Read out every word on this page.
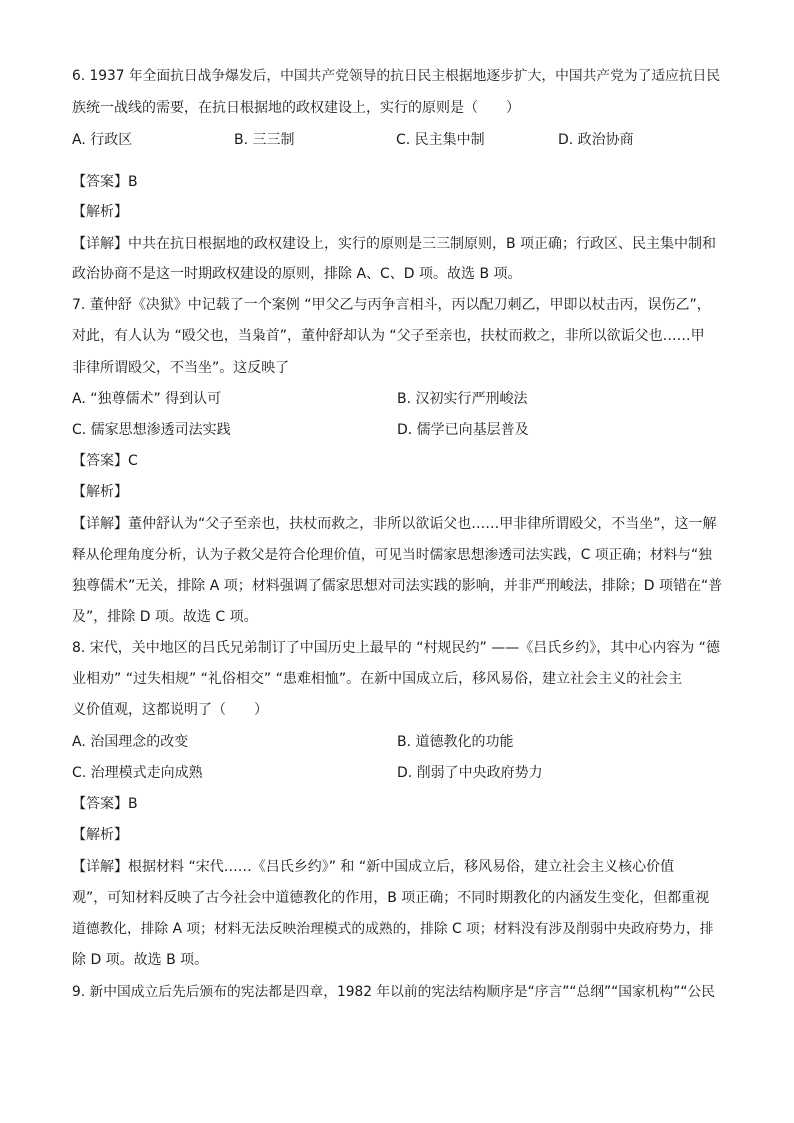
6. 1937 年全面抗日战争爆发后，中国共产党领导的抗日民主根据地逐步扩大，中国共产党为了适应抗日民
族统一战线的需要，在抗日根据地的政权建设上，实行的原则是（　　）
A. 行政区	B. 三三制	C. 民主集中制	D. 政治协商
【答案】B
【解析】
【详解】中共在抗日根据地的政权建设上，实行的原则是三三制原则，B 项正确；行政区、民主集中制和
政治协商不是这一时期政权建设的原则，排除 A、C、D 项。故选 B 项。
7. 董仲舒《决狱》中记载了一个案例 “甲父乙与丙争言相斗，丙以配刀刺乙，甲即以杖击丙，误伤乙”，
对此，有人认为 “殴父也，当枭首”，董仲舒却认为 “父子至亲也，扶杖而救之，非所以欲诟父也……甲
非律所谓殴父，不当坐”。这反映了
A. “独尊儒术” 得到认可	B. 汉初实行严刑峻法
C. 儒家思想渗透司法实践	D. 儒学已向基层普及
【答案】C
【解析】
【详解】董仲舒认为“父子至亲也，扶杖而救之，非所以欲诟父也……甲非律所谓殴父，不当坐”，这一解
释从伦理角度分析，认为子救父是符合伦理价值，可见当时儒家思想渗透司法实践，C 项正确；材料与“独
独尊儒术”无关，排除 A 项；材料强调了儒家思想对司法实践的影响，并非严刑峻法，排除；D 项错在“普
及”，排除 D 项。故选 C 项。
8. 宋代，关中地区的吕氏兄弟制订了中国历史上最早的 “村规民约” ——《吕氏乡约》，其中心内容为 “德
业相劝” “过失相规” “礼俗相交” “患难相恤”。在新中国成立后，移风易俗，建立社会主义的社会主
义价值观，这都说明了（　　）
A. 治国理念的改变	B. 道德教化的功能
C. 治理模式走向成熟	D. 削弱了中央政府势力
【答案】B
【解析】
【详解】根据材料 “宋代……《吕氏乡约》” 和 “新中国成立后，移风易俗，建立社会主义核心价值
观”，可知材料反映了古今社会中道德教化的作用，B 项正确；不同时期教化的内涵发生变化，但都重视
道德教化，排除 A 项；材料无法反映治理模式的成熟的，排除 C 项；材料没有涉及削弱中央政府势力，排
除 D 项。故选 B 项。
9. 新中国成立后先后颁布的宪法都是四章，1982 年以前的宪法结构顺序是“序言”“总纲”“国家机构”“公民
